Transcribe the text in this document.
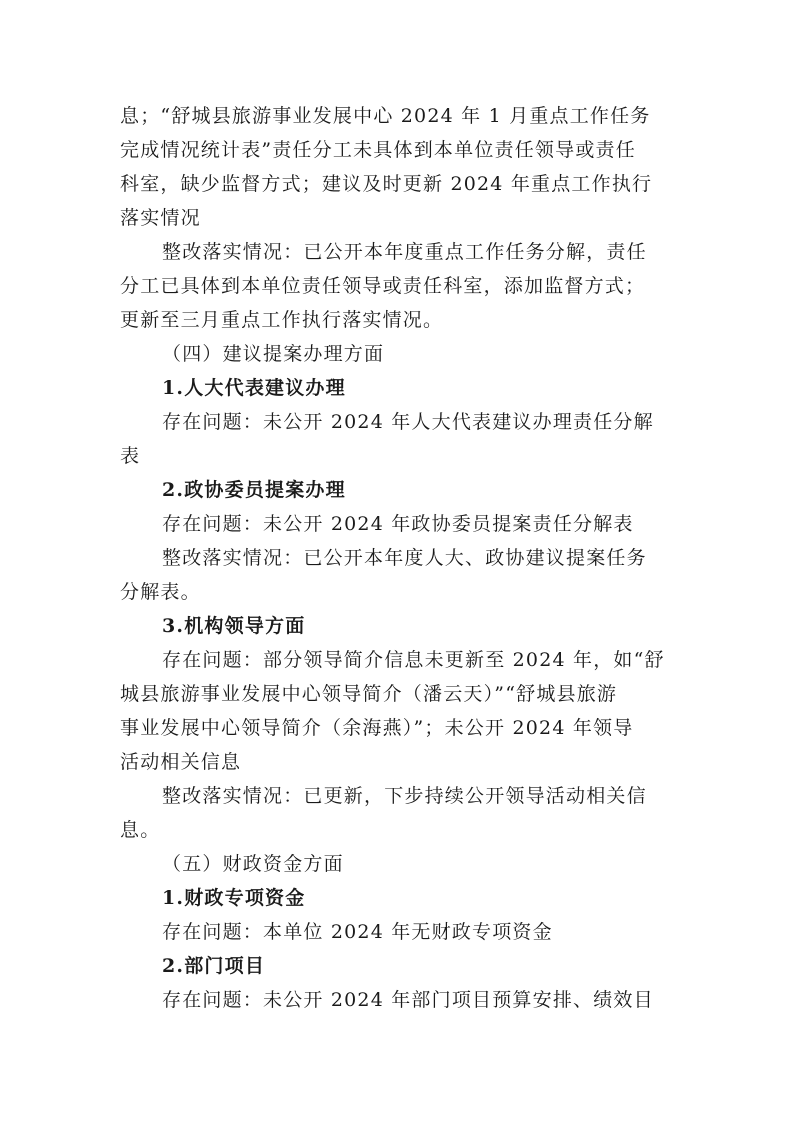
息；“舒城县旅游事业发展中心 2024 年 1 月重点工作任务
完成情况统计表”责任分工未具体到本单位责任领导或责任
科室，缺少监督方式；建议及时更新 2024 年重点工作执行
落实情况
整改落实情况：已公开本年度重点工作任务分解，责任
分工已具体到本单位责任领导或责任科室，添加监督方式；
更新至三月重点工作执行落实情况。
（四）建议提案办理方面
1.人大代表建议办理
存在问题：未公开 2024 年人大代表建议办理责任分解
表
2.政协委员提案办理
存在问题：未公开 2024 年政协委员提案责任分解表
整改落实情况：已公开本年度人大、政协建议提案任务
分解表。
3.机构领导方面
存在问题：部分领导简介信息未更新至 2024 年，如“舒
城县旅游事业发展中心领导简介（潘云天）”“舒城县旅游
事业发展中心领导简介（余海燕）”；未公开 2024 年领导
活动相关信息
整改落实情况：已更新，下步持续公开领导活动相关信
息。
（五）财政资金方面
1.财政专项资金
存在问题：本单位 2024 年无财政专项资金
2.部门项目
存在问题：未公开 2024 年部门项目预算安排、绩效目
